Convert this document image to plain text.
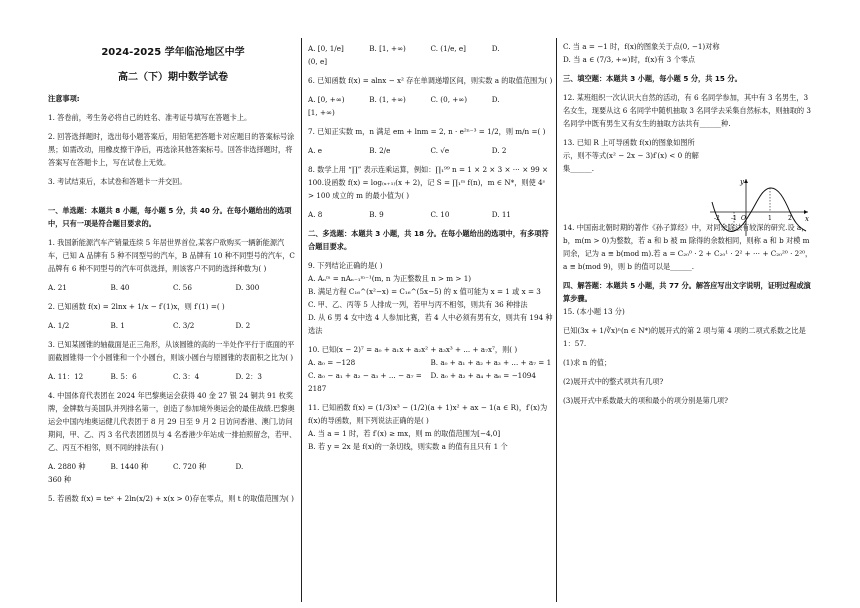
2024-2025 学年临沧地区中学
高二（下）期中数学试卷
注意事项:
1. 答卷前，考生务必将自己的姓名、准考证号填写在答题卡上。
2. 回答选择题时，选出每小题答案后，用铅笔把答题卡对应题目的答案标号涂黑；如需改动，用橡皮擦干净后，再选涂其他答案标号。回答非选择题时，将答案写在答题卡上，写在试卷上无效。
3. 考试结束后，本试卷和答题卡一并交回。
一、单选题：本题共 8 小题，每小题 5 分，共 40 分。在每小题给出的选项中，只有一项是符合题目要求的。
1. 我国新能源汽车产销量连续 5 年居世界首位,某客户欲购买一辆新能源汽车，已知 A 品牌有 5 种不同型号的汽车，B 品牌有 10 种不同型号的汽车，C 品牌有 6 种不同型号的汽车可供选择，则该客户不同的选择种数为( )
A. 21	B. 40	C. 56	D. 300
2. 已知函数 f(x) = 2lnx + 1/x − f′(1)x，则 f′(1) =( )
A. 1/2	B. 1	C. 3/2	D. 2
3. 已知某圆锥的轴截面是正三角形，从该圆锥的高的一半处作平行于底面的平面截圆锥得一个小圆锥和一个小圆台，则该小圆台与原圆锥的表面积之比为( )
A. 11：12	B. 5：6	C. 3：4	D. 2：3
4. 中国体育代表团在 2024 年巴黎奥运会获得 40 金 27 银 24 铜共 91 枚奖牌，金牌数与美国队并列排名第一，创造了参加境外奥运会的最佳战绩.巴黎奥运会中国内地奥运健儿代表团于 8 月 29 日至 9 月 2 日访问香港、澳门,访问期间，甲、乙、丙 3 名代表团团员与 4 名香港少年站成一排拍照留念，若甲、乙、丙互不相邻，则不同的排法有( )
A. 2880 种	B. 1440 种	C. 720 种	D.
360 种
5. 若函数 f(x) = teˣ + 2ln(x/2) + x(x > 0)存在零点，则 t 的取值范围为( )
A. [0, 1/e]	B. [1, +∞)	C. (1/e, e]	D.
(0, e]
6. 已知函数 f(x) = alnx − x² 存在单调递增区间，则实数 a 的取值范围为( )
A. [0, +∞)	B. (1, +∞)	C. (0, +∞)	D.
[1, +∞)
7. 已知正实数 m，n 满足 em + lnm = 2, n · e²ⁿ⁻³ = 1/2，则 m/n =( )
A. e	B. 2/e	C. √e	D. 2
8. 数学上用 “∏” 表示连乘运算，例如：∏₁⁹⁹ n = 1 × 2 × 3 × ⋯ × 99 × 100.设函数 f(x) = log₍ₓ₊₁₎(x + 2)，记 S = ∏₁ᵐ f(n)，m ∈ N*，则使 4ˢ > 100 成立的 m 的最小值为( )
A. 8	B. 9	C. 10	D. 11
二、多选题：本题共 3 小题，共 18 分。在每小题给出的选项中，有多项符合题目要求。
9. 下列结论正确的是( )
A. Aₙᵐ = nAₙ₋₁ᵐ⁻¹(m, n 为正整数且 n > m > 1)
B. 满足方程 C₁₆^(x²−x) = C₁₆^(5x−5) 的 x 值可能为 x = 1 或 x = 3
C. 甲、乙、丙等 5 人排成一列，若甲与丙不相邻，则共有 36 种排法
D. 从 6 男 4 女中选 4 人参加比赛，若 4 人中必须有男有女，则共有 194 种选法
10. 已知(x − 2)⁷ = a₀ + a₁x + a₂x² + a₃x³ + ... + a₇x⁷，则( )
A. a₀ = −128	B. a₀ + a₁ + a₂ + a₃ + ... + a₇ = 1
C. a₀ − a₁ + a₂ − a₃ + ... − a₇ = 2187
D. a₀ + a₂ + a₄ + a₆ = −1094
11. 已知函数 f(x) = (1/3)x³ − (1/2)(a + 1)x² + ax − 1(a ∈ R)，f′(x)为 f(x)的导函数，则下列说法正确的是( )
A. 当 a = 1 时，若 f′(x) ≥ mx，则 m 的取值范围为[−4,0]
B. 若 y = 2x 是 f(x)的一条切线，则实数 a 的值有且只有 1 个
C. 当 a = −1 时，f(x)的图象关于点(0, −1)对称
D. 当 a ∈ (7/3, +∞)时，f(x)有 3 个零点
三、填空题：本题共 3 小题，每小题 5 分，共 15 分。
12. 某班组织一次认识大自然的活动，有 6 名同学参加，其中有 3 名男生，3 名女生，现要从这 6 名同学中随机抽取 3 名同学去采集自然标本，则抽取的 3 名同学中既有男生又有女生的抽取方法共有______种.
13. 已知 R 上可导函数 f(x)的图象如图所示，则不等式(x² − 2x − 3)f′(x) < 0 的解集______.
14. 中国南北朝时期的著作《孙子算经》中，对同余除法有较深的研究.设 a，b，m(m > 0)为整数，若 a 和 b 被 m 除得的余数相同，则称 a 和 b 对模 m 同余，记为 a ≡ b(mod m).若 a = C₂₀⁰ · 2 + C₂₀¹ · 2² + ⋯ + C₂₀²⁰ · 2²⁰，a ≡ b(mod 9)，则 b 的值可以是______.
四、解答题：本题共 5 小题，共 77 分。解答应写出文字说明，证明过程或演算步骤。
15. (本小题 13 分)
已知(3x + 1/∛x)ⁿ(n ∈ N*)的展开式的第 2 项与第 4 项的二项式系数之比是 1：57.
(1)求 n 的值；
(2)展开式中的整式项共有几项?
(3)展开式中系数最大的项和最小的项分别是第几项?
y
x
-2 -1 O	1	2
